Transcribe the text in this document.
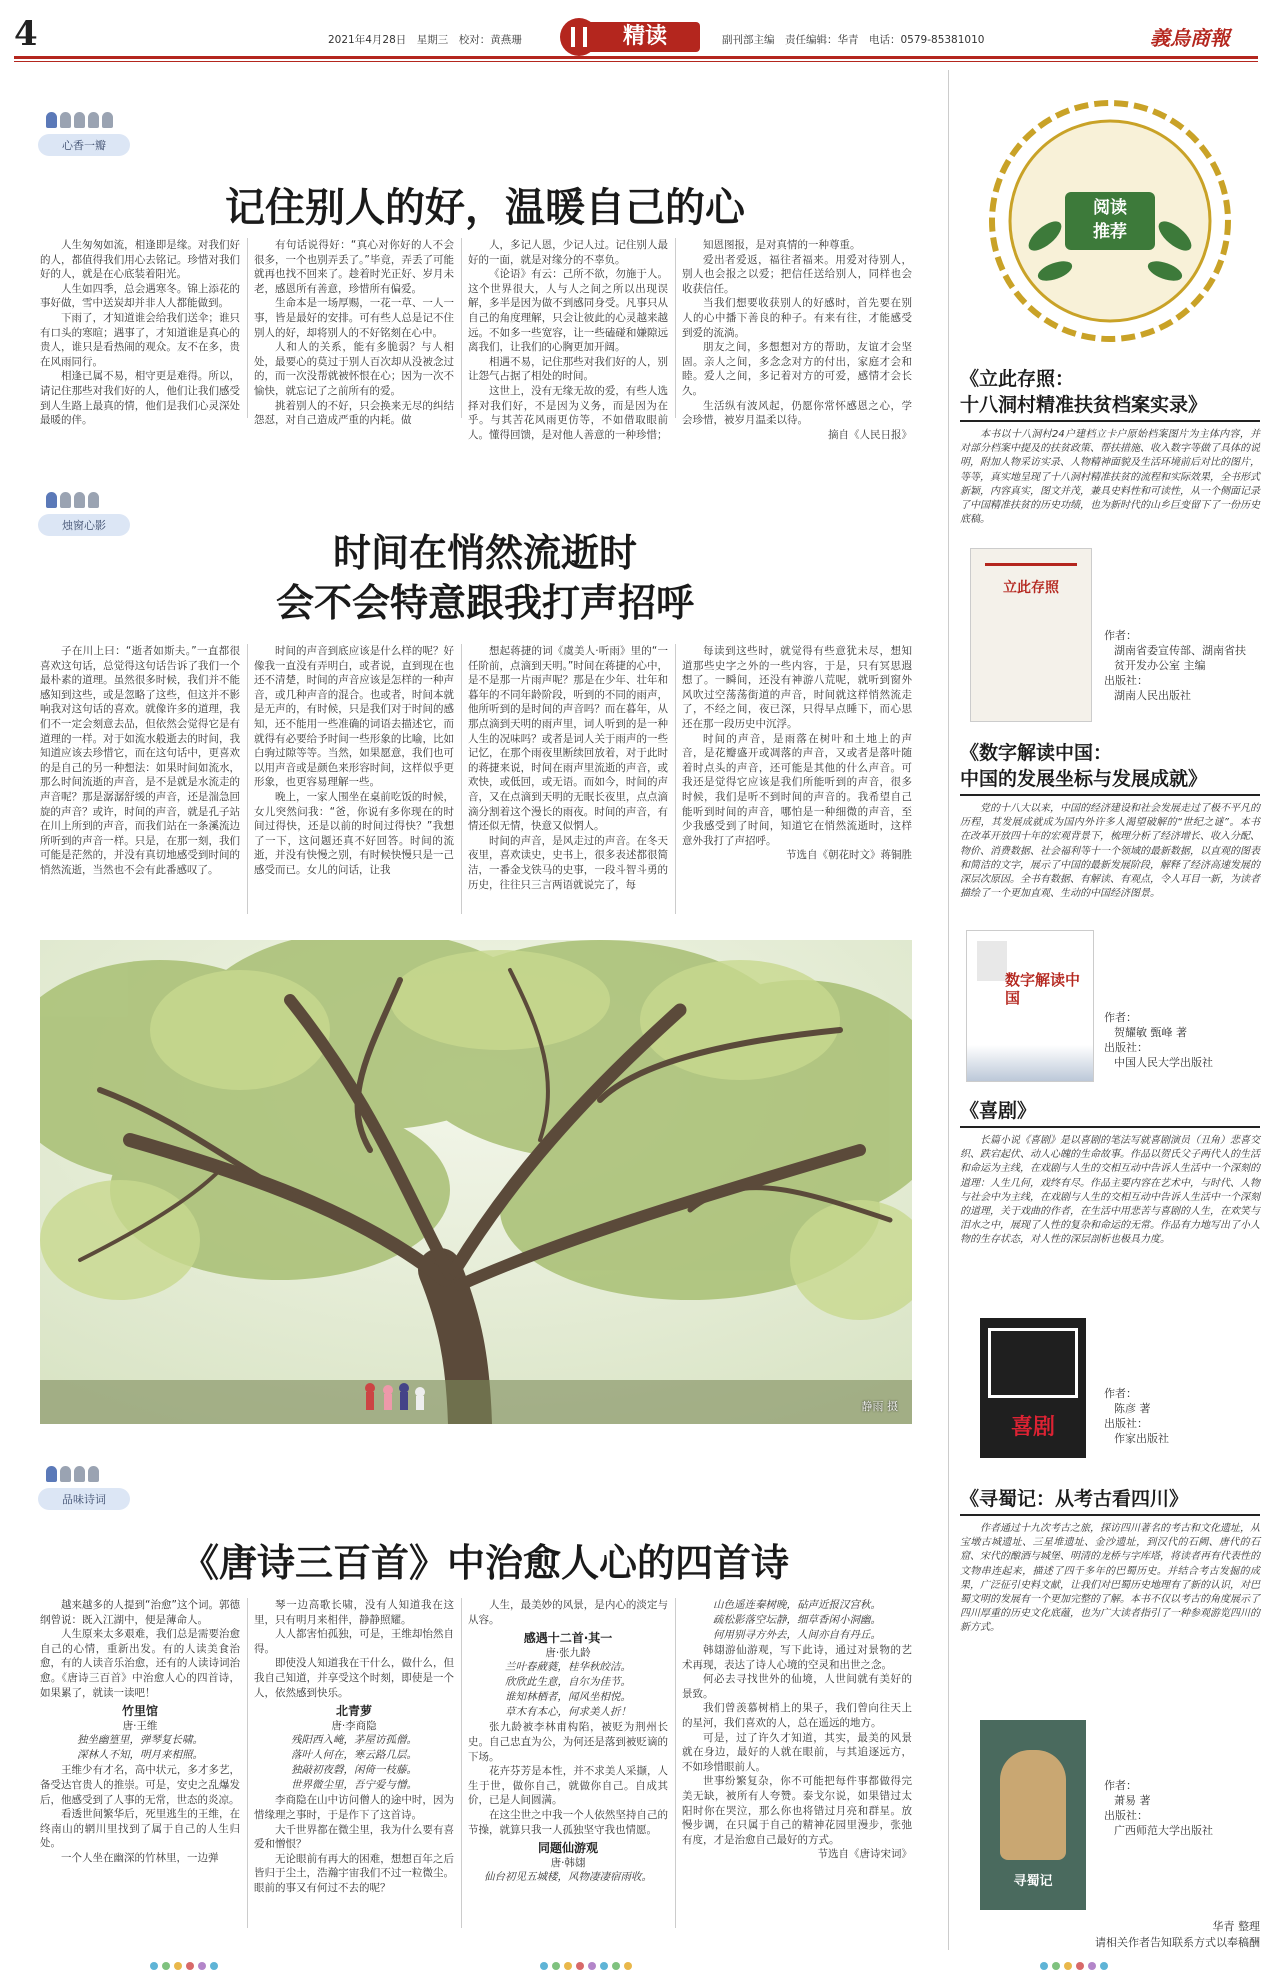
4	2021年4月28日　星期三　校对：黄燕珊	精读	副刊部主编　责任编辑：华青　电话：0579-85381010	義烏商報
心香一瓣
记住别人的好，温暖自己的心

人生匆匆如流，相逢即是缘。对我们好的人，都值得我们用心去铭记。珍惜对我们好的人，就是在心底装着阳光。

人生如四季，总会遇寒冬。锦上添花的事好做，雪中送炭却并非人人都能做到。

下雨了，才知道谁会给我们送伞；谁只有口头的寒暄；遇事了，才知道谁是真心的贵人，谁只是看热闹的观众。友不在多，贵在风雨同行。

相逢已属不易，相守更是难得。所以，请记住那些对我们好的人，他们让我们感受到人生路上最真的情，他们是我们心灵深处最暖的伴。

有句话说得好：“真心对你好的人不会很多，一个也别弄丢了。”毕竟，弄丢了可能就再也找不回来了。趁着时光正好、岁月未老，感恩所有善意，珍惜所有偏爱。

生命本是一场厚赐，一花一草、一人一事，皆是最好的安排。可有些人总是记不住别人的好，却将别人的不好铭刻在心中。

人和人的关系，能有多脆弱？与人相处，最要心的莫过于别人百次却从没被念过的，而一次没帮就被怀恨在心；因为一次不愉快，就忘记了之前所有的爱。

挑着别人的不好，只会换来无尽的纠结怨怼，对自己造成严重的内耗。做

人，多记人恩，少记人过。记住别人最好的一面，就是对缘分的不辜负。

《论语》有云：己所不欲，勿施于人。这个世界很大，人与人之间之所以出现误解，多半是因为做不到感同身受。凡事只从自己的角度理解，只会让彼此的心灵越来越远。不如多一些宽容，让一些磕碰和嫌隙远离我们，让我们的心胸更加开阔。

相遇不易，记住那些对我们好的人，别让怨气占据了相处的时间。

这世上，没有无缘无故的爱，有些人选择对我们好，不是因为义务，而是因为在乎。与其苦花风雨更仿等，不如借取眼前人。懂得回馈，是对他人善意的一种珍惜；

知恩图报，是对真情的一种尊重。

爱出者爱返，福往者福来。用爱对待别人，别人也会报之以爱；把信任送给别人，同样也会收获信任。

当我们想要收获别人的好感时，首先要在别人的心中播下善良的种子。有来有往，才能感受到爱的流淌。

朋友之间，多想想对方的帮助，友谊才会坚固。亲人之间，多念念对方的付出，家庭才会和睦。爱人之间，多记着对方的可爱，感情才会长久。

生活纵有波风起，仍愿你常怀感恩之心，学会珍惜，被岁月温柔以待。

摘自《人民日报》
烛窗心影
时间在悄然流逝时
会不会特意跟我打声招呼

子在川上曰：“逝者如斯夫。”一直都很喜欢这句话，总觉得这句话告诉了我们一个最朴素的道理。虽然很多时候，我们并不能感知到这些，或是忽略了这些，但这并不影响我对这句话的喜欢。就像许多的道理，我们不一定会刻意去品，但依然会觉得它是有道理的一样。对于如流水般逝去的时间，我知道应该去珍惜它，而在这句话中，更喜欢的是自己的另一种想法：如果时间如流水，那么时间流逝的声音，是不是就是水流走的声音呢？那是潺潺舒缓的声音，还是湍急回旋的声音？或许，时间的声音，就是孔子站在川上所到的声音，而我们站在一条溪流边所听到的声音一样。只是，在那一刻，我们可能是茫然的，并没有真切地感受到时间的悄然流逝，当然也不会有此番感叹了。

时间的声音到底应该是什么样的呢？好像我一直没有弄明白，或者说，直到现在也还不清楚，时间的声音应该是怎样的一种声音，或几种声音的混合。也或者，时间本就是无声的，有时候，只是我们对于时间的感知，还不能用一些准确的词语去描述它，而就得有必要给予时间一些形象的比喻，比如白驹过隙等等。当然，如果愿意，我们也可以用声音或是颜色来形容时间，这样似乎更形象，也更容易理解一些。

晚上，一家人围坐在桌前吃饭的时候，女儿突然问我：“爸，你说有多你现在的时间过得快，还是以前的时间过得快？”我想了一下，这问题还真不好回答。时间的流逝，并没有快慢之别，有时候快慢只是一己感受而已。女儿的问话，让我

想起蒋捷的词《虞美人·听雨》里的“一任阶前，点滴到天明。”时间在蒋捷的心中，是不是那一片雨声呢？那是在少年、壮年和暮年的不同年龄阶段，听到的不同的雨声，他所听到的是时间的声音吗？而在暮年，从那点滴到天明的雨声里，词人听到的是一种人生的况味吗？或者是词人关于雨声的一些记忆，在那个雨夜里断续回放着，对于此时的蒋捷来说，时间在雨声里流逝的声音，或欢快，或低回，或无语。而如今，时间的声音，又在点滴到天明的无眠长夜里，点点滴滴分割着这个漫长的雨夜。时间的声音，有情还似无情，快意又似惘人。

时间的声音，是风走过的声音。在冬天夜里，喜欢读史，史书上，很多表述都很简洁，一番金戈铁马的史事，一段斗智斗勇的历史，往往只三言两语就说完了，每

每读到这些时，就觉得有些意犹未尽，想知道那些史字之外的一些内容，于是，只有冥思遐想了。一瞬间，还没有神游八荒呢，就听到窗外风吹过空荡荡街道的声音，时间就这样悄然流走了，不经之间，夜已深，只得早点睡下，而心思还在那一段历史中沉浮。

时间的声音，是雨落在树叶和土地上的声音，是花瓣盛开或凋落的声音，又或者是落叶随着时点头的声音，还可能是其他的什么声音。可我还是觉得它应该是我们所能听到的声音，很多时候，我们是听不到时间的声音的。我希望自己能听到时间的声音，哪怕是一种细微的声音，至少我感受到了时间，知道它在悄然流逝时，这样意外我打了声招呼。

节选自《朝花时文》蒋铜胜
静雨 摄
品味诗词
《唐诗三百首》中治愈人心的四首诗

越来越多的人提到“治愈”这个词。郭德纲曾说：既入江湖中，便是薄命人。

人生原来太多艰难，我们总是需要治愈自己的心情，重新出发。有的人读美食治愈，有的人读音乐治愈，还有的人读诗词治愈。《唐诗三百首》中治愈人心的四首诗，如果累了，就读一读吧！

竹里馆
唐·王维
独坐幽篁里，弹琴复长啸。
深林人不知，明月来相照。

王维少有才名，高中状元，多才多艺，备受达官贵人的推崇。可是，安史之乱爆发后，他感受到了人事的无常，世态的炎凉。

看透世间繁华后，死里逃生的王维，在终南山的辋川里找到了属于自己的人生归处。

一个人坐在幽深的竹林里，一边弹

琴一边高歌长啸，没有人知道我在这里，只有明月来相伴，静静照耀。

人人都害怕孤独，可是，王维却怡然自得。

即使没人知道我在干什么，做什么，但我自己知道，并享受这个时刻，即使是一个人，依然感到快乐。

北青萝
唐·李商隐
残阳西入崦，茅屋访孤僧。
落叶人何在，寒云路几层。
独敲初夜磬，闲倚一枝藤。
世界微尘里，吾宁爱与憎。

李商隐在山中访问僧人的途中时，因为惜缘理之事时，于是作下了这首诗。

大千世界都在微尘里，我为什么要有喜爱和憎恨？

无论眼前有再大的困难，想想百年之后皆归于尘土，浩瀚宇宙我们不过一粒微尘。眼前的事又有何过不去的呢？

人生，最美妙的风景，是内心的淡定与从容。

感遇十二首·其一
唐·张九龄
兰叶春葳蕤，桂华秋皎洁。
欣欣此生意，自尔为佳节。
谁知林栖者，闻风坐相悦。
草木有本心，何求美人折！

张九龄被李林甫构陷，被贬为荆州长史。自己忠直为公，为何还是落到被贬谪的下场。

花卉芬芳是本性，并不求美人采撷，人生于世，做你自己，就做你自己。自成其价，已是人间圆满。

在这尘世之中我一个人依然坚持自己的节操，就算只我一人孤独坚守我也情愿。

同题仙游观
唐·韩翃
仙台初见五城楼，风物凄凄宿雨收。
山色遥连秦树晚，砧声近报汉宫秋。
疏松影落空坛静，细草香闲小洞幽。
何用别寻方外去，人间亦自有丹丘。

韩翃游仙游观，写下此诗，通过对景物的艺术再现，表达了诗人心境的空灵和出世之念。

何必去寻找世外的仙境，人世间就有美好的景致。

我们曾羡慕树梢上的果子，我们曾向往天上的星河，我们喜欢的人，总在遥远的地方。

可是，过了许久才知道，其实，最美的风景就在身边，最好的人就在眼前，与其追逐远方，不如珍惜眼前人。

世事纷繁复杂，你不可能把每件事都做得完美无缺，被所有人夸赞。泰戈尔说，如果错过太阳时你在哭泣，那么你也将错过月亮和群星。放慢步调，在只属于自己的精神花园里漫步，张弛有度，才是治愈自己最好的方式。

节选自《唐诗宋词》
阅读
推荐
《立此存照：
十八洞村精准扶贫档案实录》
本书以十八洞村24户建档立卡户原始档案图片为主体内容，并对部分档案中提及的扶贫政策、帮扶措施、收入数字等做了具体的说明，附加人物采访实录、人物精神面貌及生活环境前后对比的图片，等等，真实地呈现了十八洞村精准扶贫的流程和实际效果，全书形式新颖，内容真实，图文并茂，兼具史料性和可读性，从一个侧面记录了中国精准扶贫的历史功绩，也为新时代的山乡巨变留下了一份历史底稿。
立此存照
作者：
湖南省委宣传部、湖南省扶贫开发办公室 主编
出版社：
湖南人民出版社
《数字解读中国：
中国的发展坐标与发展成就》
党的十八大以来，中国的经济建设和社会发展走过了极不平凡的历程，其发展成就成为国内外许多人渴望破解的“世纪之谜”。本书在改革开放四十年的宏观背景下，梳理分析了经济增长、收入分配、物价、消费数据、社会福利等十一个领域的最新数据，以直观的图表和简洁的文字，展示了中国的最新发展阶段，解释了经济高速发展的深层次原因。全书有数据、有解读、有观点，令人耳目一新，为读者描绘了一个更加直观、生动的中国经济图景。
数字解读中国
作者：
贺耀敏 甄峰 著
出版社：
中国人民大学出版社
《喜剧》
长篇小说《喜剧》是以喜剧的笔法写就喜剧演员（丑角）悲喜交织、跌宕起伏、动人心魄的生命故事。作品以贺氏父子两代人的生活和命运为主线，在戏剧与人生的交相互动中告诉人生活中一个深刻的道理：人生几何，戏终有尽。作品主要内容在艺术中，与时代、人物与社会中为主线，在戏剧与人生的交相互动中告诉人生活中一个深刻的道理，关于戏曲的作者，在生活中用悲苦与喜剧的人生，在欢笑与泪水之中，展现了人性的复杂和命运的无常。作品有力地写出了小人物的生存状态，对人性的深层剖析也极具力度。
喜剧
作者：
陈彦 著
出版社：
作家出版社
《寻蜀记：从考古看四川》
作者通过十九次考古之旅，探访四川著名的考古和文化遗址，从宝墩古城遗址、三星堆遗址、金沙遗址，到汉代的石阙、唐代的石窟、宋代的酿酒与城堡、明清的龙桥与字库塔，将读者再有代表性的文物串连起来，描述了四千多年的巴蜀历史。并结合考古发掘的成果，广泛征引史料文献，让我们对巴蜀历史地理有了新的认识，对巴蜀文明的发展有一个更加完整的了解。本书不仅以考古的角度展示了四川厚重的历史文化底蕴，也为广大读者指引了一种参观游览四川的新方式。
寻蜀记
作者：
萧易 著
出版社：
广西师范大学出版社
华青 整理
请相关作者告知联系方式以奉稿酬
